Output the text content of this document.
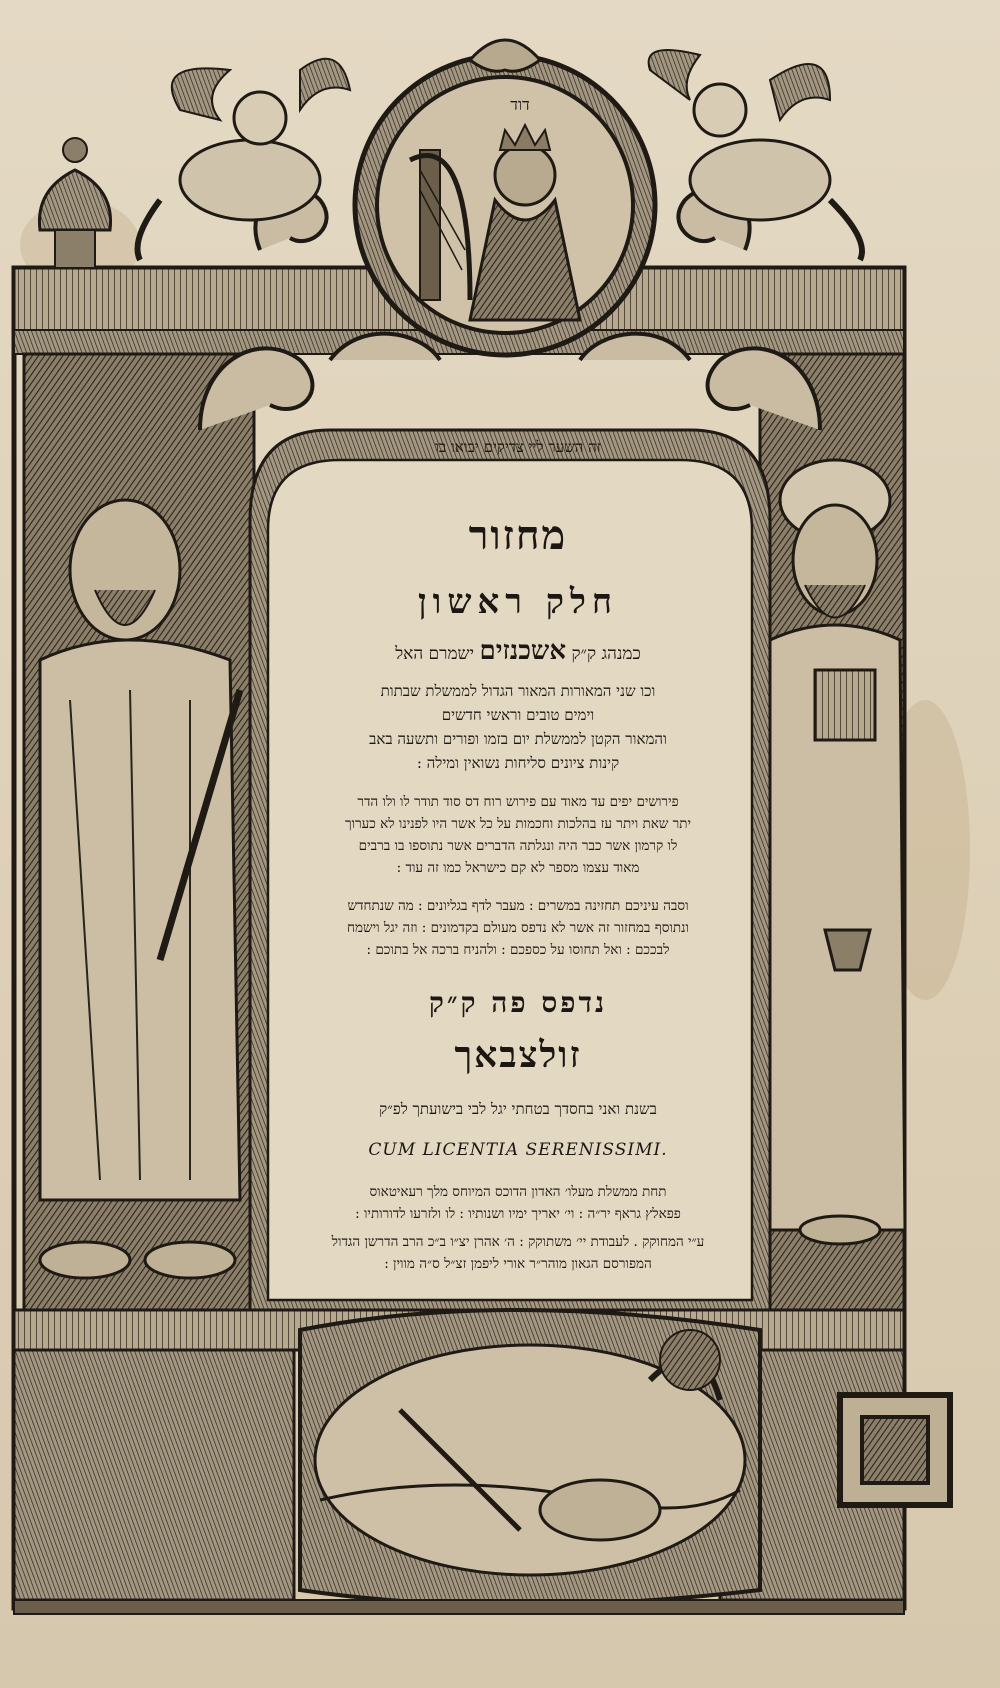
דוד
זה השער ליי צדיקים יבואו בו
מחזור
חלק ראשון
כמנהג ק״ק אשכנזים ישמרם האל
וכו שני המאורות המאור הגדול לממשלת שבתות
וימים טובים וראשי חדשים
והמאור הקטן לממשלת יום בזמו ופורים ותשעה באב
קינות ציונים סליחות נשואין ומילה :
פירושים יפים עד מאוד עם פירוש רוח דס סוד תודר לו ולו הדר
יתר שאת ויתר עז בהלכות וחכמות על כל אשר היו לפנינו לא כערוך
לו קרמון אשר כבר היה ונגלתה הדברים אשר נתוספו בו ברבים
מאוד עצמו מספר לא קם כישראל כמו זה עוד :
וסבה עיניכם תחזינה במשרים : מעבר לדף בגליונים : מה שנתחדש
ונתוסף במחזור זה אשר לא נדפס מעולם בקדמונים : וזה יגל וישמח
לבככם : ואל תחוסו על כספכם : ולהניח ברכה אל בתוכם :
נדפס פה ק״ק
זולצבאך
בשנת ואני בחסדך בטחתי יגל לבי בישועתך לפ״ק
CUM LICENTIA SERENISSIMI.
תחת ממשלת מעלו׳ האדון הדוכס המיוחס מלך רעאיטאוס
פפאלץ גראף יר״ה : וי׳ יאריך ימיו ושנותיו : לו ולזרעו לדורותיו :
ע״י המחוקק . לעבודת יי׳ משתוקק : ה׳ אהרן יצ״ו ב״כ הרב הדרשן הגדול
המפורסם הגאון מוהר״ר אורי ליפמן זצ״ל ס״ה מווין :
